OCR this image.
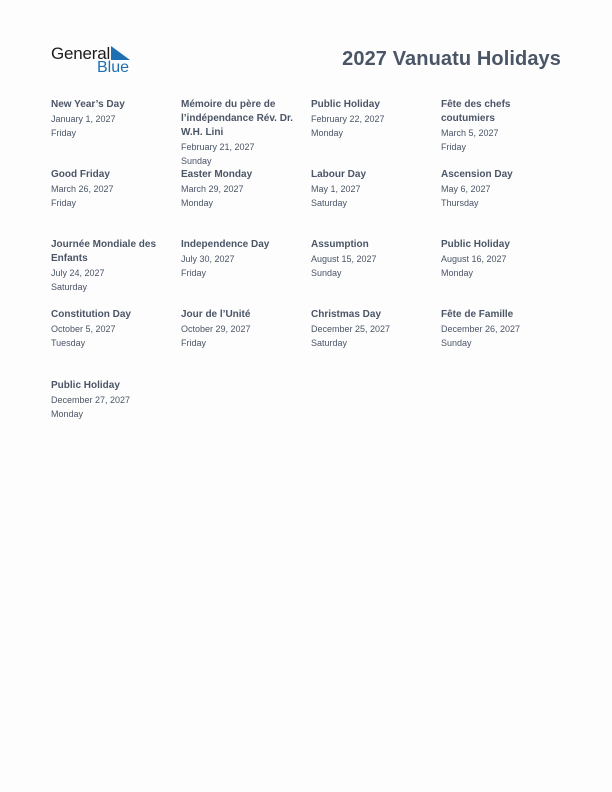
General
Blue	2027 Vanuatu Holidays
New Year’s Day
January 1, 2027
Friday
Mémoire du père de l’indépendance Rév. Dr. W.H. Lini
February 21, 2027
Sunday
Public Holiday
February 22, 2027
Monday
Fête des chefs coutumiers
March 5, 2027
Friday
Good Friday
March 26, 2027
Friday
Easter Monday
March 29, 2027
Monday
Labour Day
May 1, 2027
Saturday
Ascension Day
May 6, 2027
Thursday
Journée Mondiale des Enfants
July 24, 2027
Saturday
Independence Day
July 30, 2027
Friday
Assumption
August 15, 2027
Sunday
Public Holiday
August 16, 2027
Monday
Constitution Day
October 5, 2027
Tuesday
Jour de l’Unité
October 29, 2027
Friday
Christmas Day
December 25, 2027
Saturday
Fête de Famille
December 26, 2027
Sunday
Public Holiday
December 27, 2027
Monday
